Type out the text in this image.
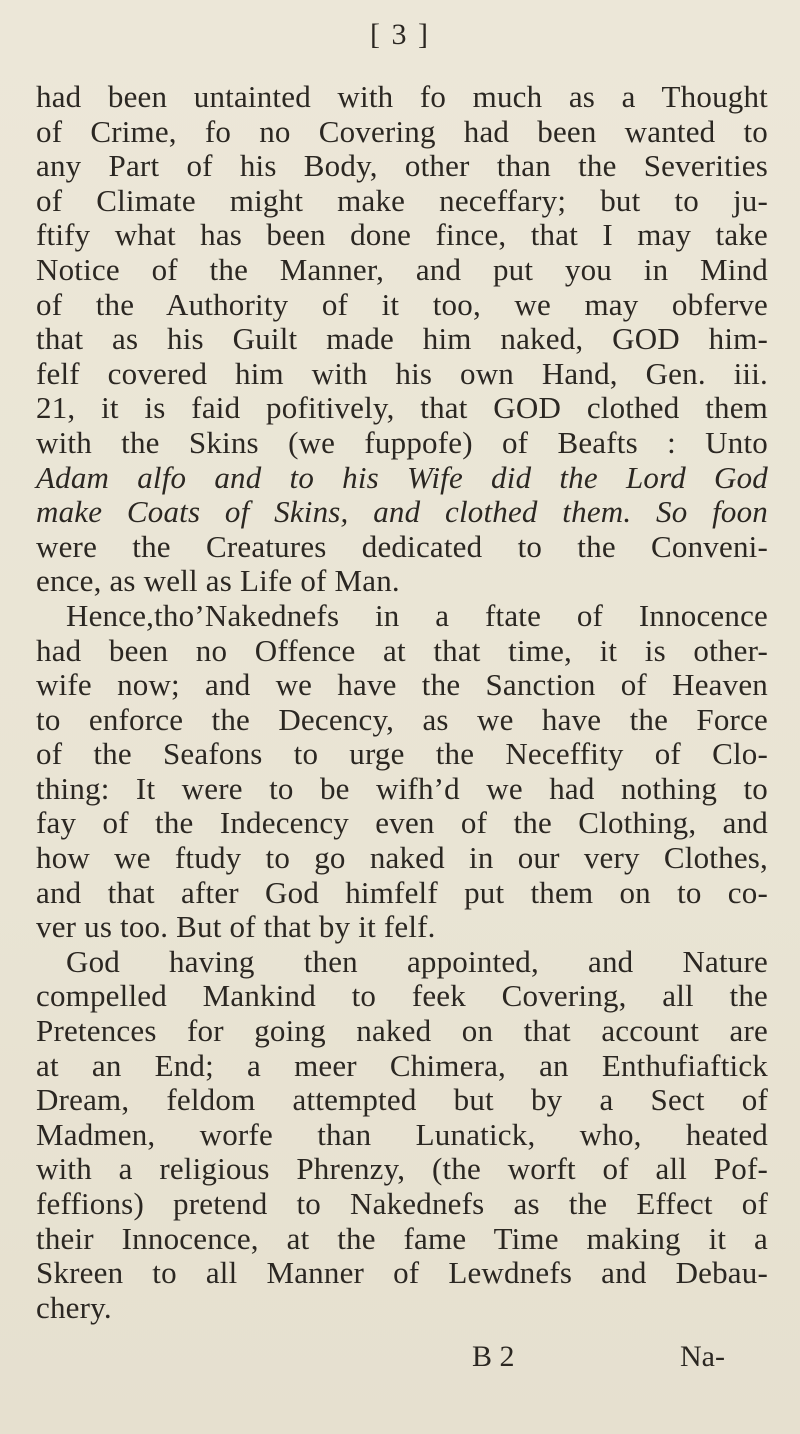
[ 3 ]
had been untainted with fo much as a Thought
of Crime, fo no Covering had been wanted to
any Part of his Body, other than the Severities
of Climate might make neceffary; but to ju-
ftify what has been done fince, that I may take
Notice of the Manner, and put you in Mind
of the Authority of it too, we may obferve
that as his Guilt made him naked, GOD him-
felf covered him with his own Hand, Gen. iii.
21, it is faid pofitively, that GOD clothed them
with the Skins (we fuppofe) of Beafts : Unto
Adam alfo and to his Wife did the Lord God
make Coats of Skins, and clothed them. So foon
were the Creatures dedicated to the Conveni-
ence, as well as Life of Man.
Hence,tho’Nakednefs in a ftate of Innocence
had been no Offence at that time, it is other-
wife now; and we have the Sanction of Heaven
to enforce the Decency, as we have the Force
of the Seafons to urge the Neceffity of Clo-
thing: It were to be wifh’d we had nothing to
fay of the Indecency even of the Clothing, and
how we ftudy to go naked in our very Clothes,
and that after God himfelf put them on to co-
ver us too. But of that by it felf.
God having then appointed, and Nature
compelled Mankind to feek Covering, all the
Pretences for going naked on that account are
at an End; a meer Chimera, an Enthufiaftick
Dream, feldom attempted but by a Sect of
Madmen, worfe than Lunatick, who, heated
with a religious Phrenzy, (the worft of all Pof-
feffions) pretend to Nakednefs as the Effect of
their Innocence, at the fame Time making it a
Skreen to all Manner of Lewdnefs and Debau-
chery.
B 2	Na-
